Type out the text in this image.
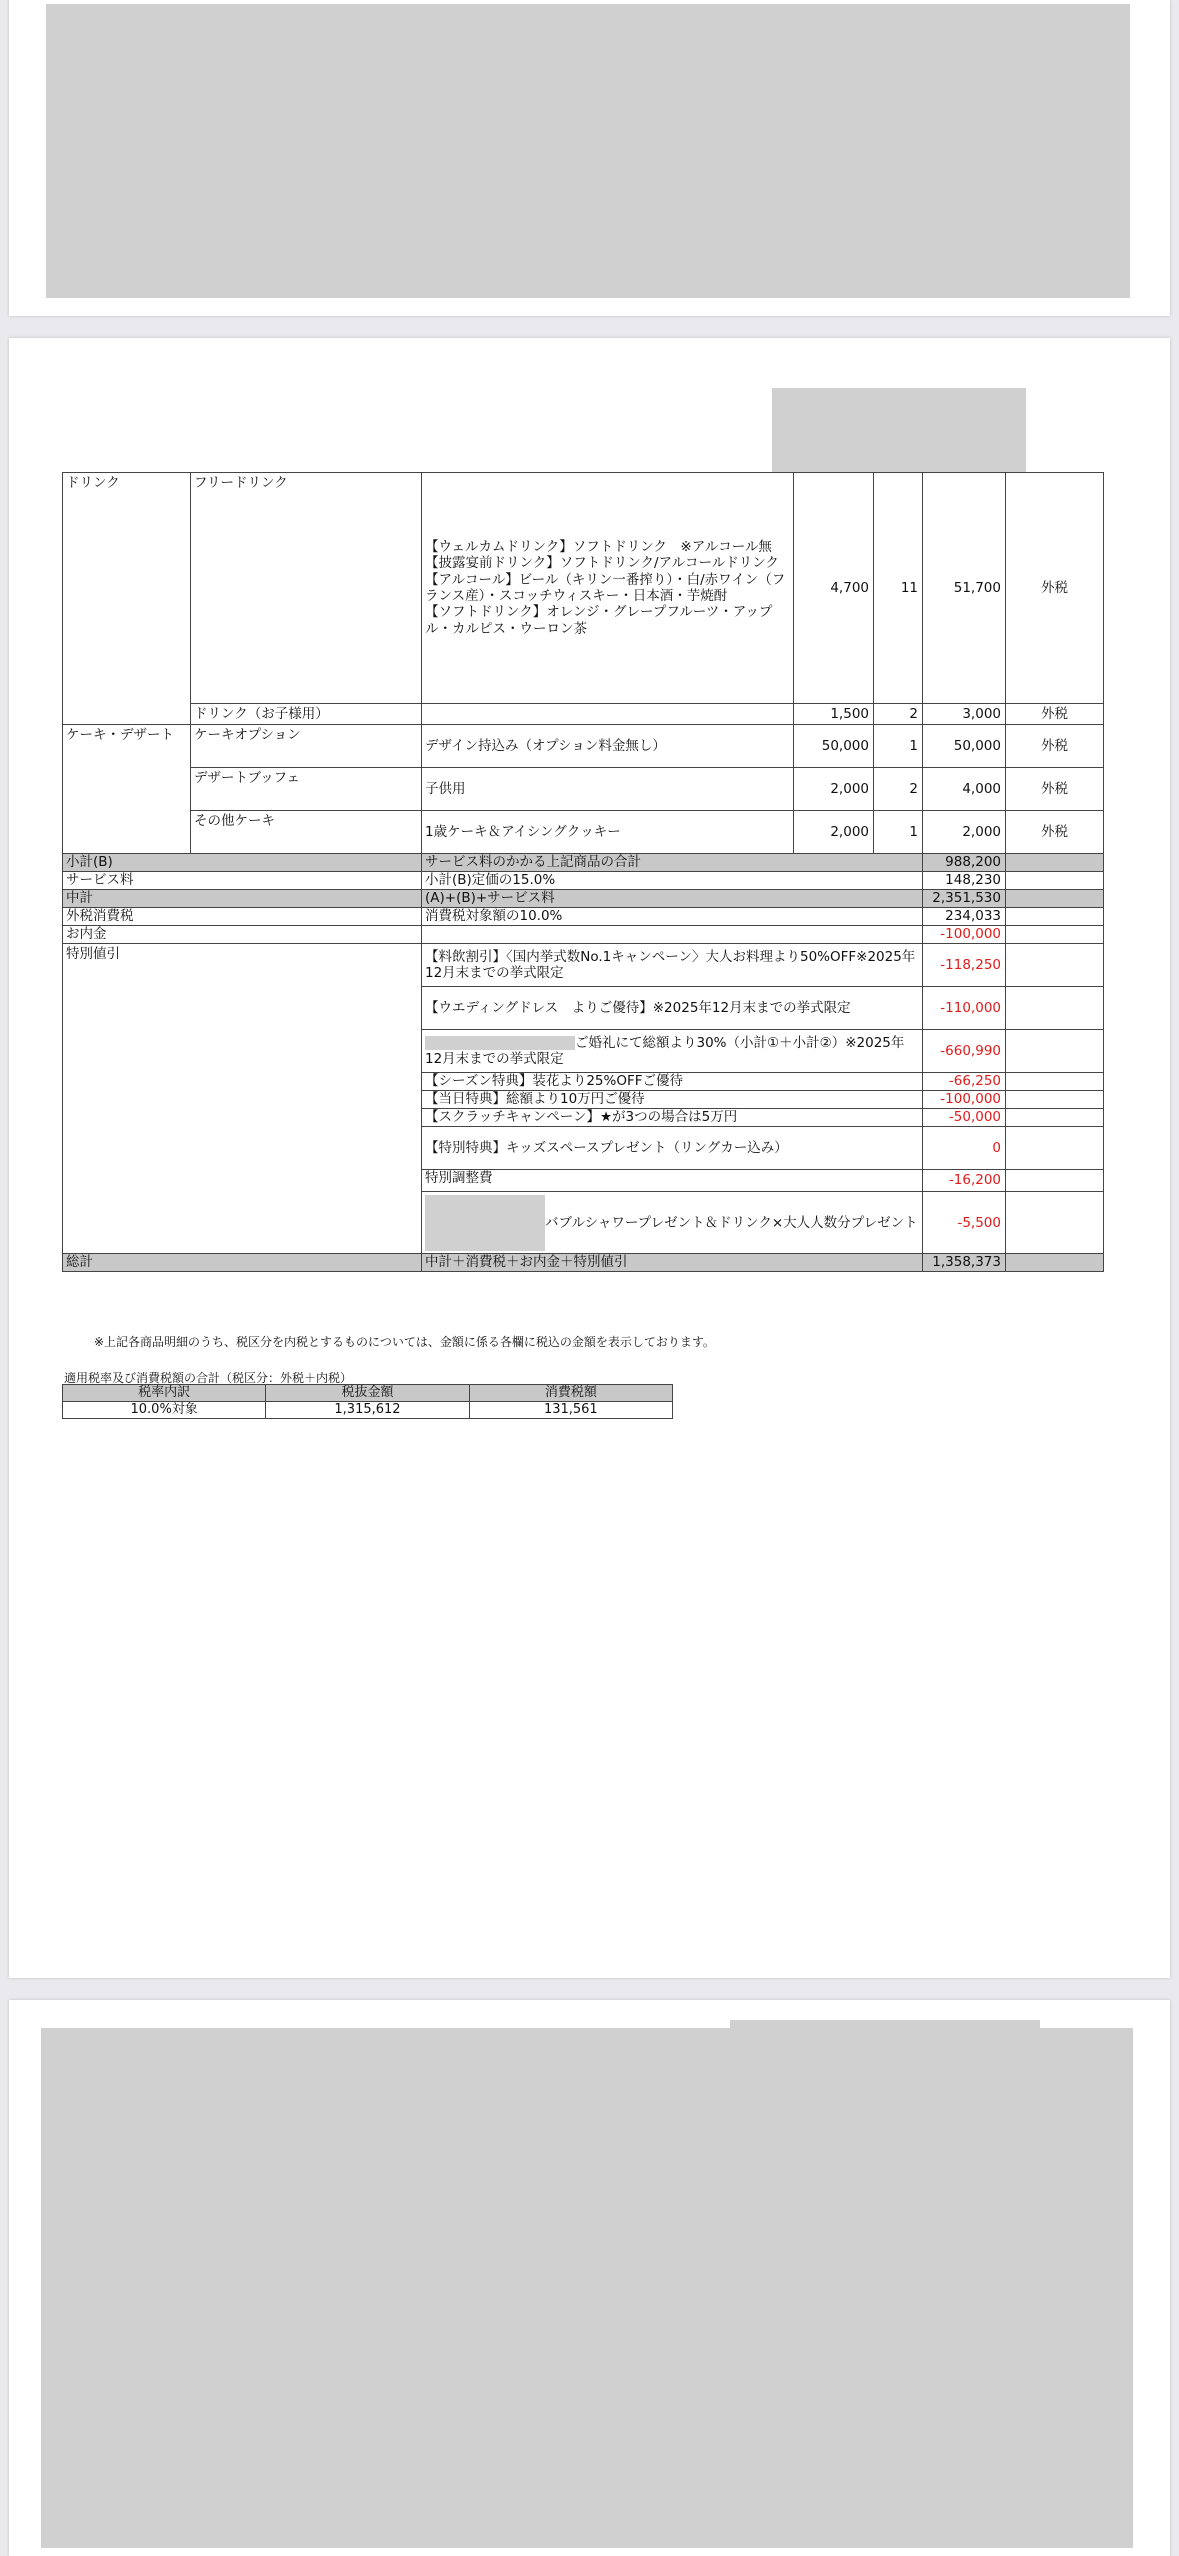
ドリンク	フリードリンク	【ウェルカムドリンク】ソフトドリンク　※アルコール無
【披露宴前ドリンク】ソフトドリンク/アルコールドリンク
【アルコール】ビール（キリン一番搾り）・白/赤ワイン（フランス産）・スコッチウィスキー・日本酒・芋焼酎
【ソフトドリンク】オレンジ・グレープフルーツ・アップル・カルピス・ウーロン茶	4,700	11	51,700	外税
	ドリンク（お子様用）		1,500	2	3,000	外税
ケーキ・デザート	ケーキオプション	デザイン持込み（オプション料金無し）	50,000	1	50,000	外税
	デザートブッフェ	子供用	2,000	2	4,000	外税
	その他ケーキ	1歳ケーキ＆アイシングクッキー	2,000	1	2,000	外税
小計(B)		サービス料のかかる上記商品の合計			988,200	
サービス料		小計(B)定価の15.0%			148,230	
中計		(A)+(B)+サービス料			2,351,530	
外税消費税		消費税対象額の10.0%			234,033	
お内金					-100,000	
特別値引		【料飲割引】〈国内挙式数No.1キャンペーン〉大人お料理より50%OFF※2025年12月末までの挙式限定			-118,250	
		【ウエディングドレス　よりご優待】※2025年12月末までの挙式限定			-110,000	
		ご婚礼にて総額より30%（小計①＋小計②）※2025年12月末までの挙式限定			-660,990	
		【シーズン特典】装花より25%OFFご優待			-66,250	
		【当日特典】総額より10万円ご優待			-100,000	
		【スクラッチキャンペーン】★が3つの場合は5万円			-50,000	
		【特別特典】キッズスペースプレゼント（リングカー込み）			0	
		特別調整費			-16,200	
		バブルシャワープレゼント＆ドリンク×大人人数分プレゼント			-5,500	
総計		中計＋消費税＋お内金＋特別値引			1,358,373	
※上記各商品明細のうち、税区分を内税とするものについては、金額に係る各欄に税込の金額を表示しております。
適用税率及び消費税額の合計（税区分：外税＋内税）
税率内訳	税抜金額	消費税額
10.0%対象	1,315,612	131,561
